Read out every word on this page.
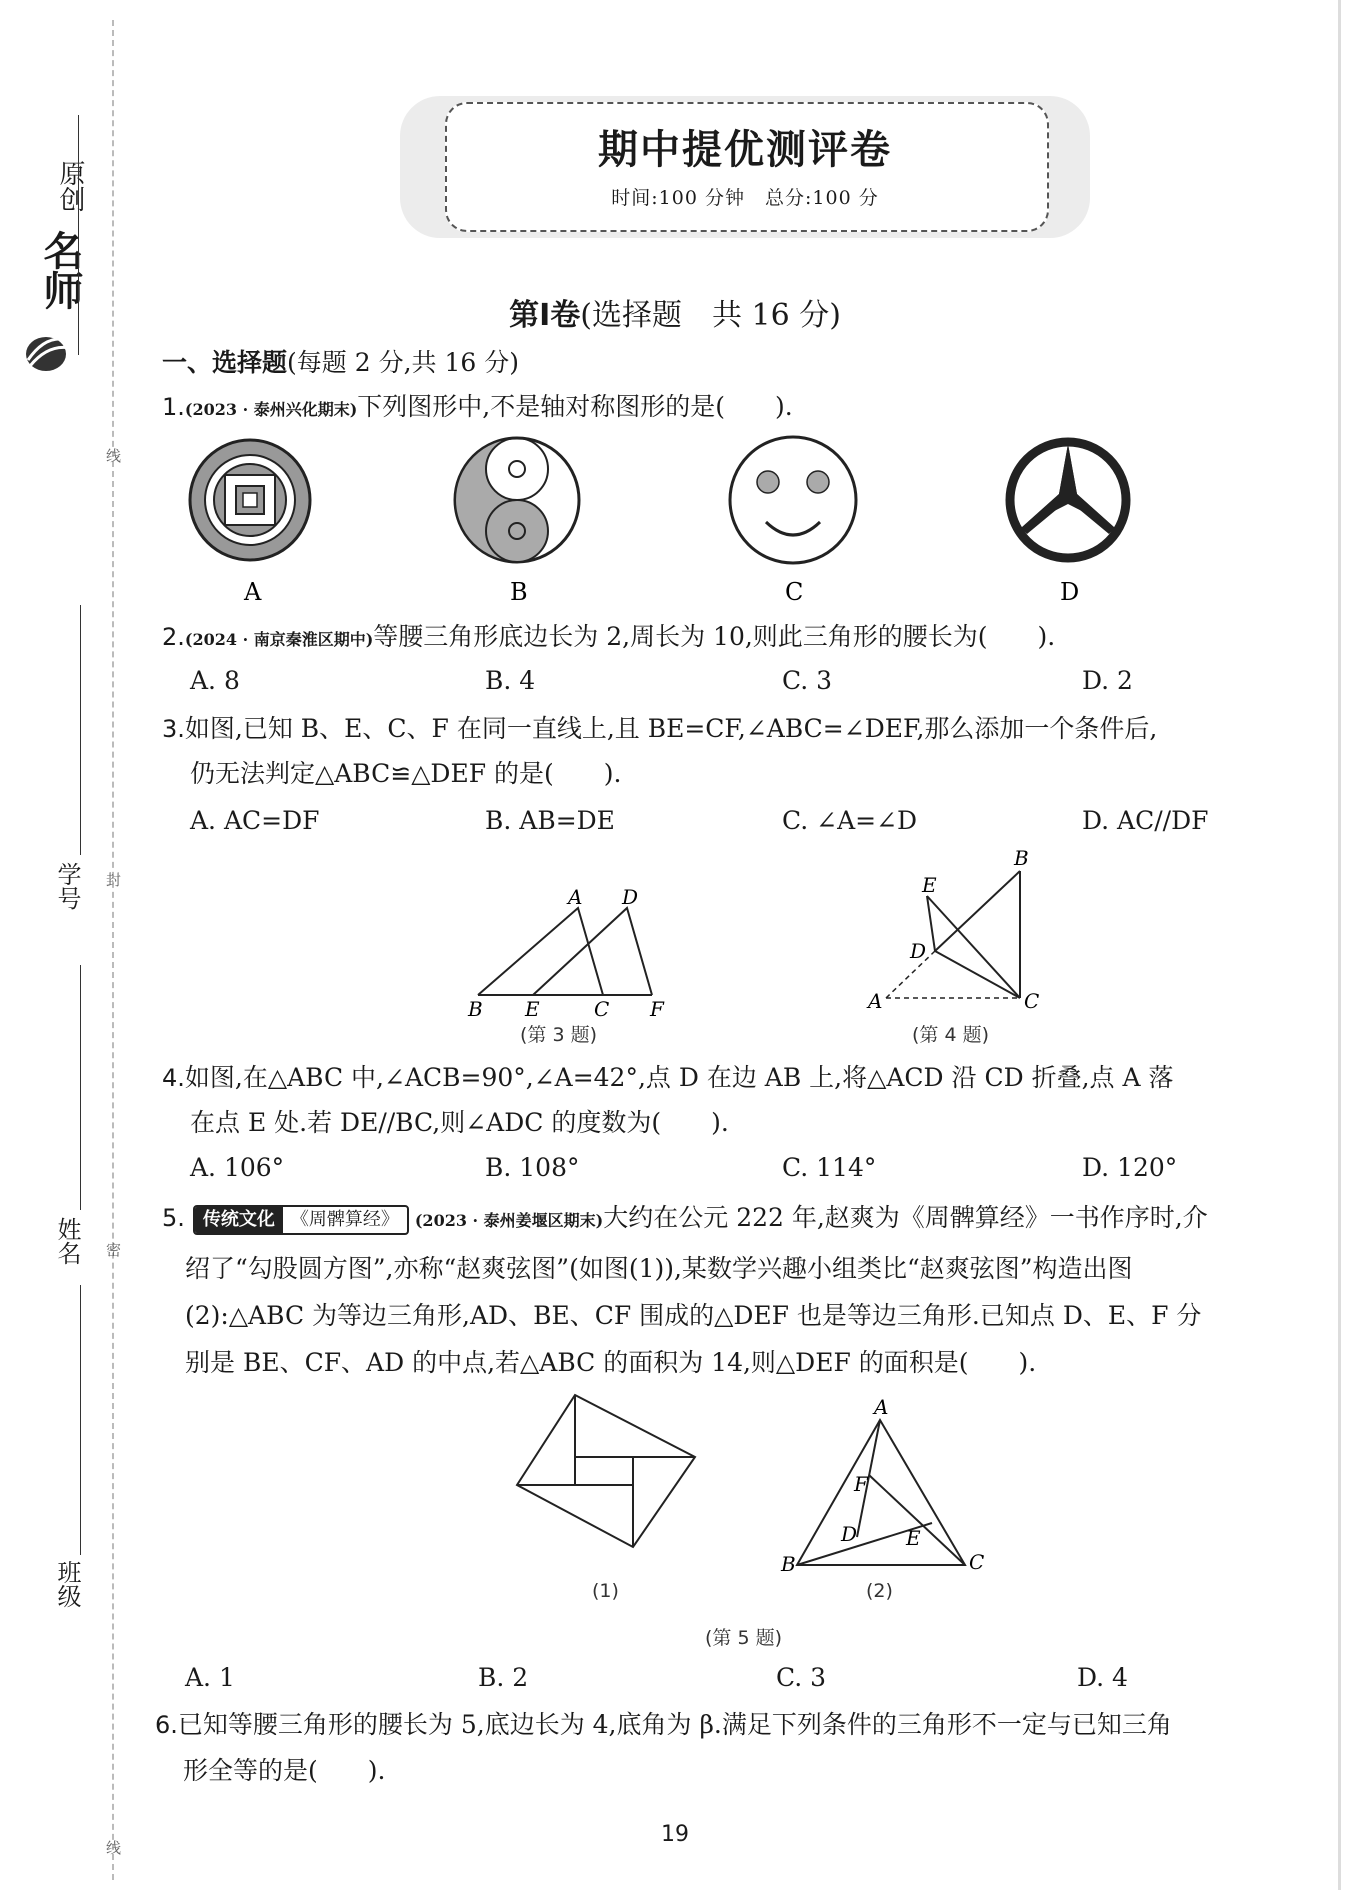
名师
原创
线
封
密
线
学号
姓名
班级
期中提优测评卷
时间:100 分钟　总分:100 分
第Ⅰ卷(选择题　共 16 分)
一、选择题(每题 2 分,共 16 分)
1.(2023 · 泰州兴化期末)下列图形中,不是轴对称图形的是(　　).
A	B	C	D
2.(2024 · 南京秦淮区期中)等腰三角形底边长为 2,周长为 10,则此三角形的腰长为(　　).
A. 8	B. 4	C. 3	D. 2
3.如图,已知 B、E、C、F 在同一直线上,且 BE=CF,∠ABC=∠DEF,那么添加一个条件后,
仍无法判定△ABC≌△DEF 的是(　　).
A. AC=DF	B. AB=DE	C. ∠A=∠D	D. AC//DF
A D
B E	C F
(第 3 题)
B
E
D
A	C
(第 4 题)
4.如图,在△ABC 中,∠ACB=90°,∠A=42°,点 D 在边 AB 上,将△ACD 沿 CD 折叠,点 A 落
在点 E 处.若 DE//BC,则∠ADC 的度数为(　　).
A. 106°	B. 108°	C. 114°	D. 120°
5. 传统文化 《周髀算经》 (2023 · 泰州姜堰区期末)大约在公元 222 年,赵爽为《周髀算经》一书作序时,介
绍了“勾股圆方图”,亦称“赵爽弦图”(如图(1)),某数学兴趣小组类比“赵爽弦图”构造出图
(2):△ABC 为等边三角形,AD、BE、CF 围成的△DEF 也是等边三角形.已知点 D、E、F 分
别是 BE、CF、AD 的中点,若△ABC 的面积为 14,则△DEF 的面积是(　　).
(1)
A
F
D E
B	C
(2)
(第 5 题)
A. 1	B. 2	C. 3	D. 4
6.已知等腰三角形的腰长为 5,底边长为 4,底角为 β.满足下列条件的三角形不一定与已知三角
形全等的是(　　).
19
